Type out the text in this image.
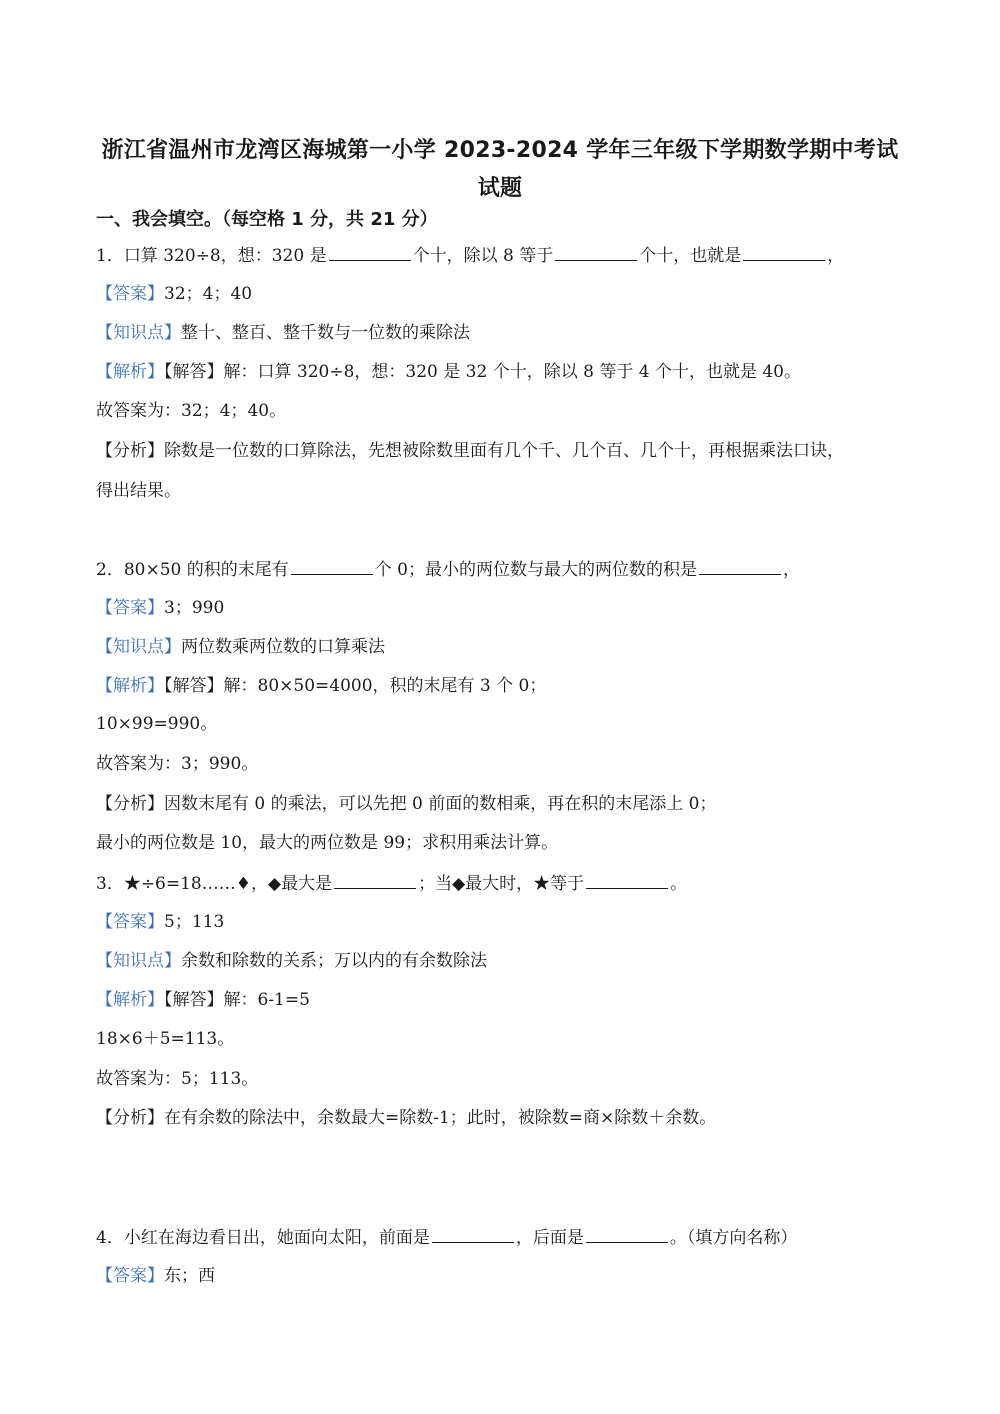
浙江省温州市龙湾区海城第一小学 2023-2024 学年三年级下学期数学期中考试
试题
一、我会填空。（每空格 1 分，共 21 分）
1．口算 320÷8，想：320 是	个十，除以 8 等于	个十，也就是	，
【答案】32；4；40
【知识点】整十、整百、整千数与一位数的乘除法
【解析】【解答】解：口算 320÷8，想：320 是 32 个十，除以 8 等于 4 个十，也就是 40。
故答案为：32；4；40。
【分析】除数是一位数的口算除法，先想被除数里面有几个千、几个百、几个十，再根据乘法口诀，
得出结果。
2．80×50 的积的末尾有	个 0；最小的两位数与最大的两位数的积是	，
【答案】3；990
【知识点】两位数乘两位数的口算乘法
【解析】【解答】解：80×50=4000，积的末尾有 3 个 0；
10×99=990。
故答案为：3；990。
【分析】因数末尾有 0 的乘法，可以先把 0 前面的数相乘，再在积的末尾添上 0；
最小的两位数是 10，最大的两位数是 99；求积用乘法计算。
3．★÷6=18……♦，◆最大是	；当◆最大时，★等于	。
【答案】5；113
【知识点】余数和除数的关系；万以内的有余数除法
【解析】【解答】解：6-1=5
18×6＋5=113。
故答案为：5；113。
【分析】在有余数的除法中，余数最大=除数-1；此时，被除数=商×除数＋余数。
4．小红在海边看日出，她面向太阳，前面是	，后面是	。（填方向名称）
【答案】东；西
